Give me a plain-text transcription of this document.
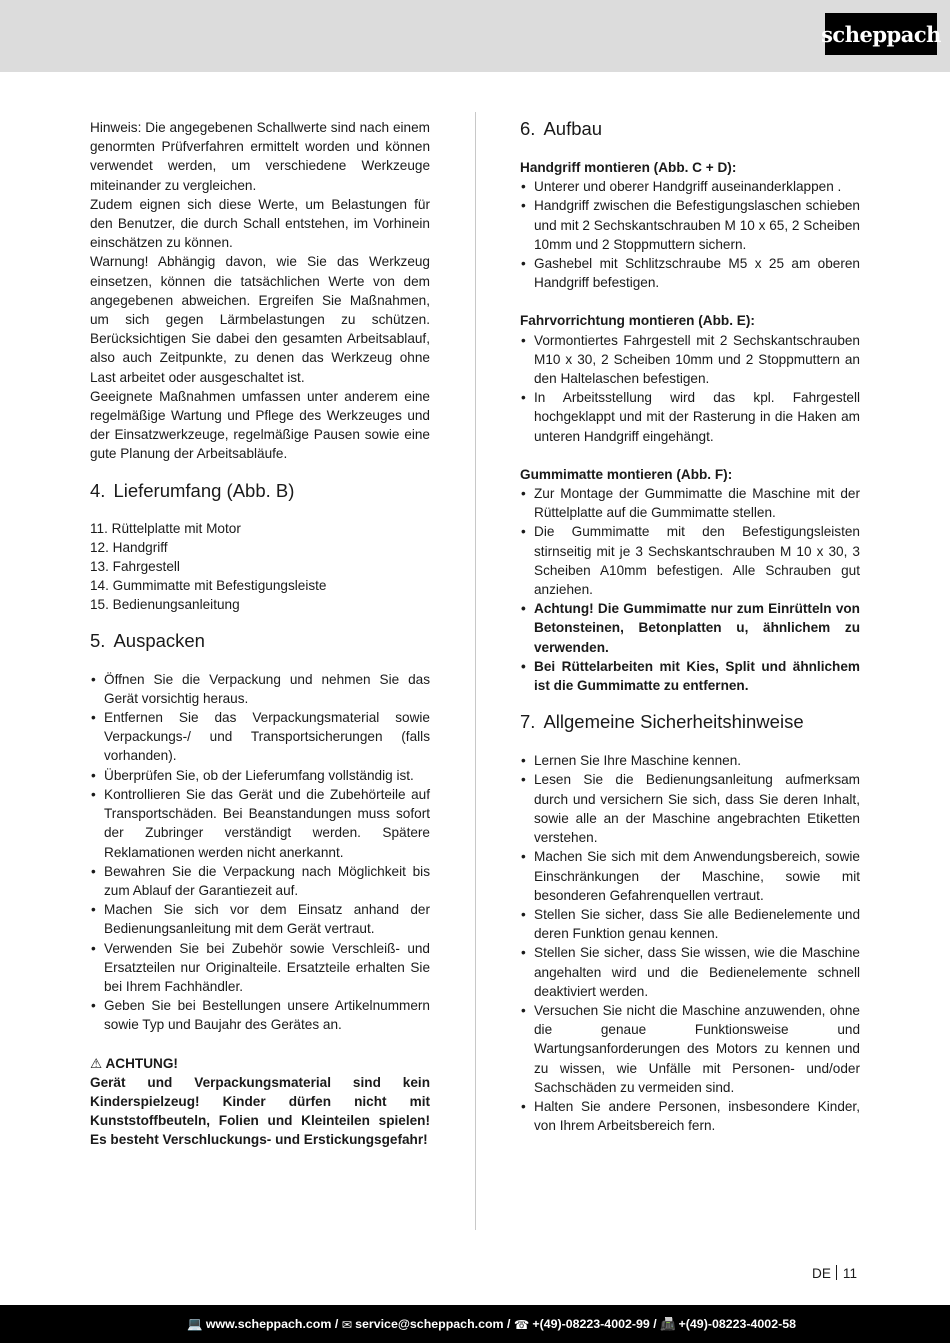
scheppach

Hinweis: Die angegebenen Schallwerte sind nach einem genormten Prüfverfahren ermittelt worden und können verwendet werden, um verschiedene Werkzeuge miteinander zu vergleichen.

Zudem eignen sich diese Werte, um Belastungen für den Benutzer, die durch Schall entstehen, im Vorhinein einschätzen zu können.

Warnung! Abhängig davon, wie Sie das Werkzeug einsetzen, können die tatsächlichen Werte von dem angegebenen abweichen. Ergreifen Sie Maßnahmen, um sich gegen Lärmbelastungen zu schützen. Berücksichtigen Sie dabei den gesamten Arbeitsablauf, also auch Zeitpunkte, zu denen das Werkzeug ohne Last arbeitet oder ausgeschaltet ist.

Geeignete Maßnahmen umfassen unter anderem eine regelmäßige Wartung und Pflege des Werkzeuges und der Einsatzwerkzeuge, regelmäßige Pausen sowie eine gute Planung der Arbeitsabläufe.

4. Lieferumfang (Abb. B)
11. Rüttelplatte mit Motor
12. Handgriff
13. Fahrgestell
14. Gummimatte mit Befestigungsleiste
15. Bedienungsanleitung
5. Auspacken
• Öffnen Sie die Verpackung und nehmen Sie das Gerät vorsichtig heraus.
• Entfernen Sie das Verpackungsmaterial sowie Verpackungs-/ und Transportsicherungen (falls vorhanden).
• Überprüfen Sie, ob der Lieferumfang vollständig ist.
• Kontrollieren Sie das Gerät und die Zubehörteile auf Transportschäden. Bei Beanstandungen muss sofort der Zubringer verständigt werden. Spätere Reklamationen werden nicht anerkannt.
• Bewahren Sie die Verpackung nach Möglichkeit bis zum Ablauf der Garantiezeit auf.
• Machen Sie sich vor dem Einsatz anhand der Bedienungsanleitung mit dem Gerät vertraut.
• Verwenden Sie bei Zubehör sowie Verschleiß- und Ersatzteilen nur Originalteile. Ersatzteile erhalten Sie bei Ihrem Fachhändler.
• Geben Sie bei Bestellungen unsere Artikelnummern sowie Typ und Baujahr des Gerätes an.
⚠ ACHTUNG!

Gerät und Verpackungsmaterial sind kein Kinderspielzeug! Kinder dürfen nicht mit Kunststoffbeuteln, Folien und Kleinteilen spielen! Es besteht Verschluckungs- und Erstickungsgefahr!

6. Aufbau

Handgriff montieren (Abb. C + D):

• Unterer und oberer Handgriff auseinanderklappen .
• Handgriff zwischen die Befestigungslaschen schieben und mit 2 Sechskantschrauben M 10 x 65, 2 Scheiben 10mm und 2 Stoppmuttern sichern.
• Gashebel mit Schlitzschraube M5 x 25 am oberen Handgriff befestigen.

Fahrvorrichtung montieren (Abb. E):

• Vormontiertes Fahrgestell mit 2 Sechskantschrauben M10 x 30, 2 Scheiben 10mm und 2 Stoppmuttern an den Haltelaschen befestigen.
• In Arbeitsstellung wird das kpl. Fahrgestell hochgeklappt und mit der Rasterung in die Haken am unteren Handgriff eingehängt.

Gummimatte montieren (Abb. F):

• Zur Montage der Gummimatte die Maschine mit der Rüttelplatte auf die Gummimatte stellen.
• Die Gummimatte mit den Befestigungsleisten stirnseitig mit je 3 Sechskantschrauben M 10 x 30, 3 Scheiben A10mm befestigen. Alle Schrauben gut anziehen.
• Achtung! Die Gummimatte nur zum Einrütteln von Betonsteinen, Betonplatten u, ähnlichem zu verwenden.
• Bei Rüttelarbeiten mit Kies, Split und ähnlichem ist die Gummimatte zu entfernen.
7. Allgemeine Sicherheitshinweise
• Lernen Sie Ihre Maschine kennen.
• Lesen Sie die Bedienungsanleitung aufmerksam durch und versichern Sie sich, dass Sie deren Inhalt, sowie alle an der Maschine angebrachten Etiketten verstehen.
• Machen Sie sich mit dem Anwendungsbereich, sowie Einschränkungen der Maschine, sowie mit besonderen Gefahrenquellen vertraut.
• Stellen Sie sicher, dass Sie alle Bedienelemente und deren Funktion genau kennen.
• Stellen Sie sicher, dass Sie wissen, wie die Maschine angehalten wird und die Bedienelemente schnell deaktiviert werden.
• Versuchen Sie nicht die Maschine anzuwenden, ohne die genaue Funktionsweise und Wartungsanforderungen des Motors zu kennen und zu wissen, wie Unfälle mit Personen- und/oder Sachschäden zu vermeiden sind.
• Halten Sie andere Personen, insbesondere Kinder, von Ihrem Arbeitsbereich fern.
DE 11
💻 www.scheppach.com / ✉ service@scheppach.com / ☎ +(49)-08223-4002-99 / 📠 +(49)-08223-4002-58
